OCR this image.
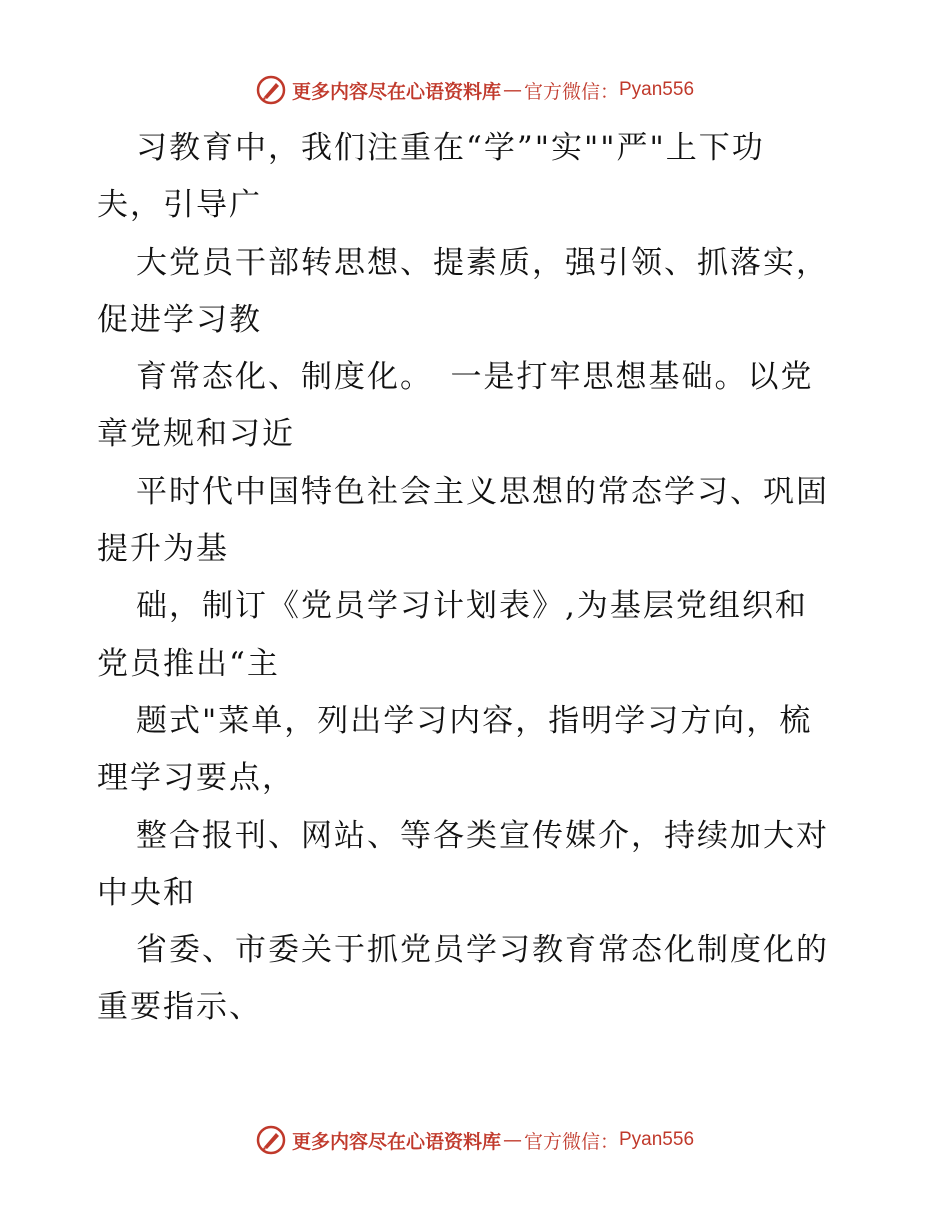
更多内容尽在心语资料库 — 官方微信： Pyan556
习教育中，我们注重在“学”"实""严"上下功
夫，引导广
大党员干部转思想、提素质，强引领、抓落实，
促进学习教
育常态化、制度化。　一是打牢思想基础。以党
章党规和习近
平时代中国特色社会主义思想的常态学习、巩固
提升为基
础，制订《党员学习计划表》,为基层党组织和
党员推出“主
题式"菜单，列出学习内容，指明学习方向，梳
理学习要点，
整合报刊、网站、等各类宣传媒介，持续加大对
中央和
省委、市委关于抓党员学习教育常态化制度化的
重要指示、
更多内容尽在心语资料库 — 官方微信： Pyan556
